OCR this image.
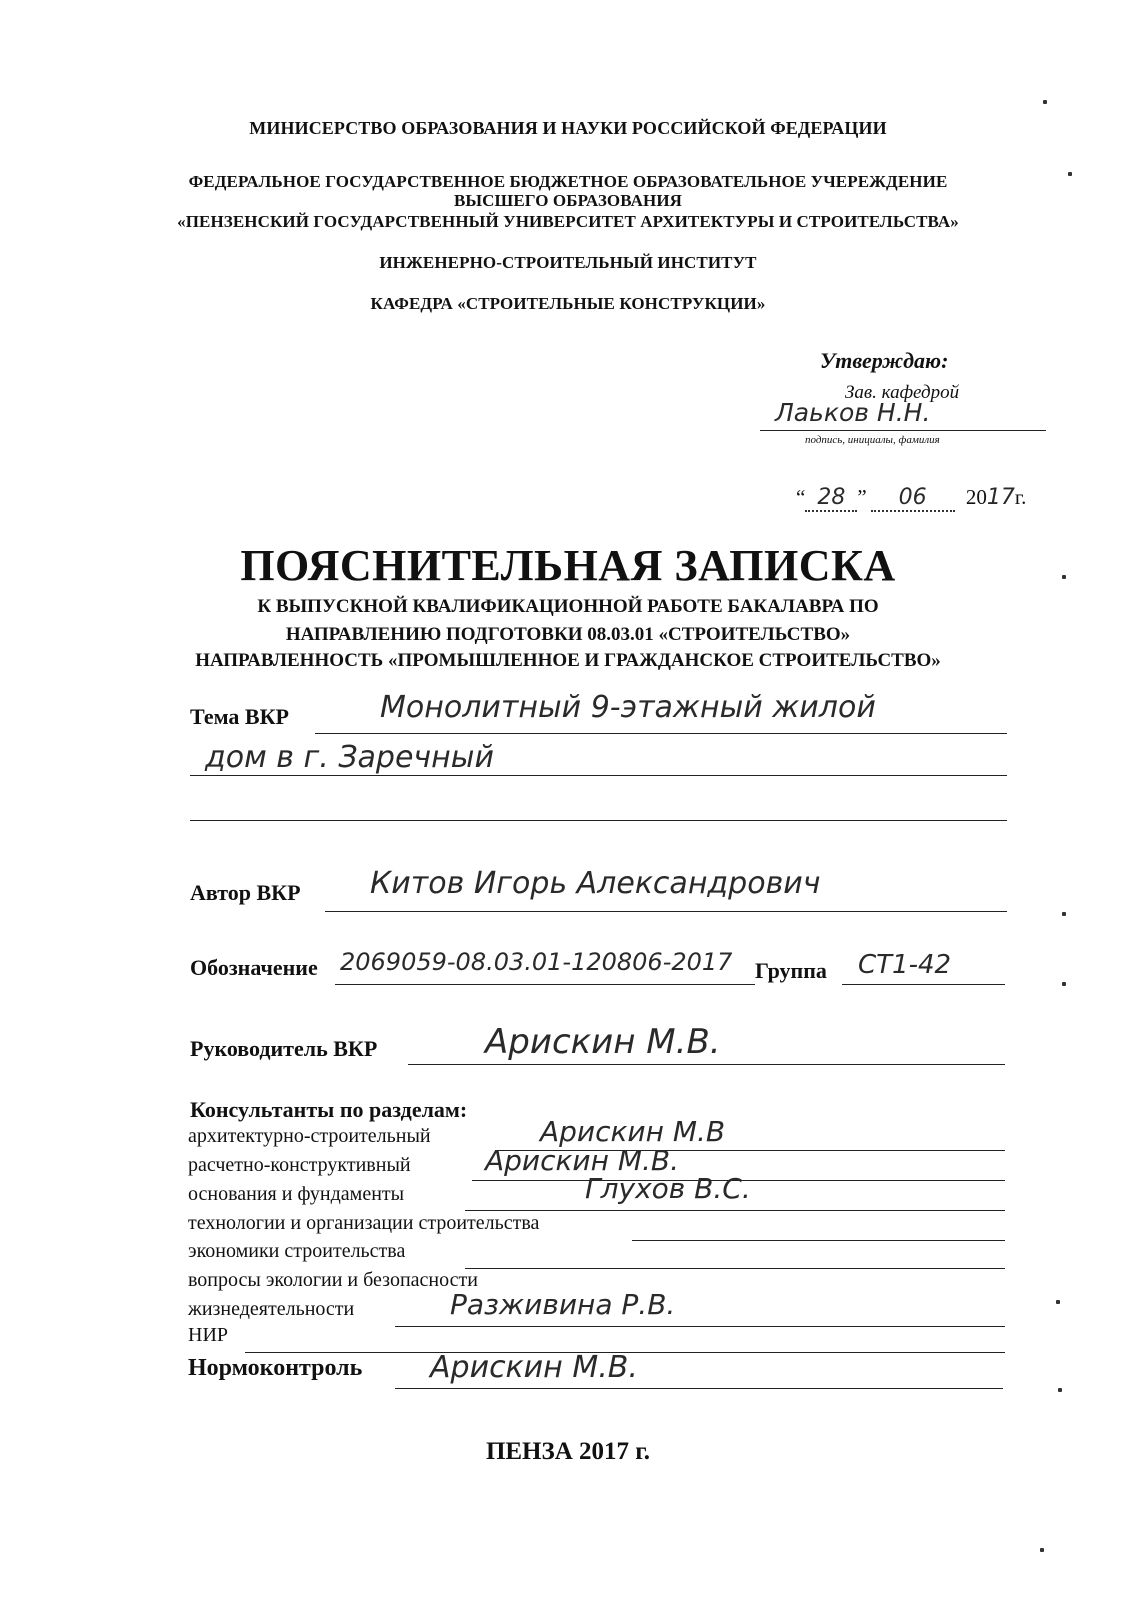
МИНИСЕРСТВО ОБРАЗОВАНИЯ И НАУКИ РОССИЙСКОЙ ФЕДЕРАЦИИ
ФЕДЕРАЛЬНОЕ ГОСУДАРСТВЕННОЕ БЮДЖЕТНОЕ ОБРАЗОВАТЕЛЬНОЕ УЧЕРЕЖДЕНИЕ
ВЫСШЕГО ОБРАЗОВАНИЯ
«ПЕНЗЕНСКИЙ ГОСУДАРСТВЕННЫЙ УНИВЕРСИТЕТ АРХИТЕКТУРЫ И СТРОИТЕЛЬСТВА»
ИНЖЕНЕРНО-СТРОИТЕЛЬНЫЙ ИНСТИТУТ
КАФЕДРА «СТРОИТЕЛЬНЫЕ КОНСТРУКЦИИ»
Утверждаю:
Зав. кафедрой
Лаьков Н.Н.
подпись, инициалы, фамилия
“ 28 ” 06 2017г.
ПОЯСНИТЕЛЬНАЯ ЗАПИСКА
К ВЫПУСКНОЙ КВАЛИФИКАЦИОННОЙ РАБОТЕ БАКАЛАВРА ПО
НАПРАВЛЕНИЮ ПОДГОТОВКИ 08.03.01 «СТРОИТЕЛЬСТВО»
НАПРАВЛЕННОСТЬ «ПРОМЫШЛЕННОЕ И ГРАЖДАНСКОЕ СТРОИТЕЛЬСТВО»
Тема ВКР	Монолитный 9-этажный жилой
дом в г. Заречный
Автор ВКР Китов Игорь Александрович
Обозначение 2069059-08.03.01-120806-2017 Группа СТ1-42
Руководитель ВКР	Арискин М.В.
Консультанты по разделам:
архитектурно-строительный	Арискин М.В
расчетно-конструктивный	Арискин М.В.
основания и фундаменты	Глухов В.С.
технологии и организации строительства
экономики строительства
вопросы экологии и безопасности
жизнедеятельности	Разживина Р.В.
НИР
Нормоконтроль Арискин М.В.
ПЕНЗА 2017 г.
